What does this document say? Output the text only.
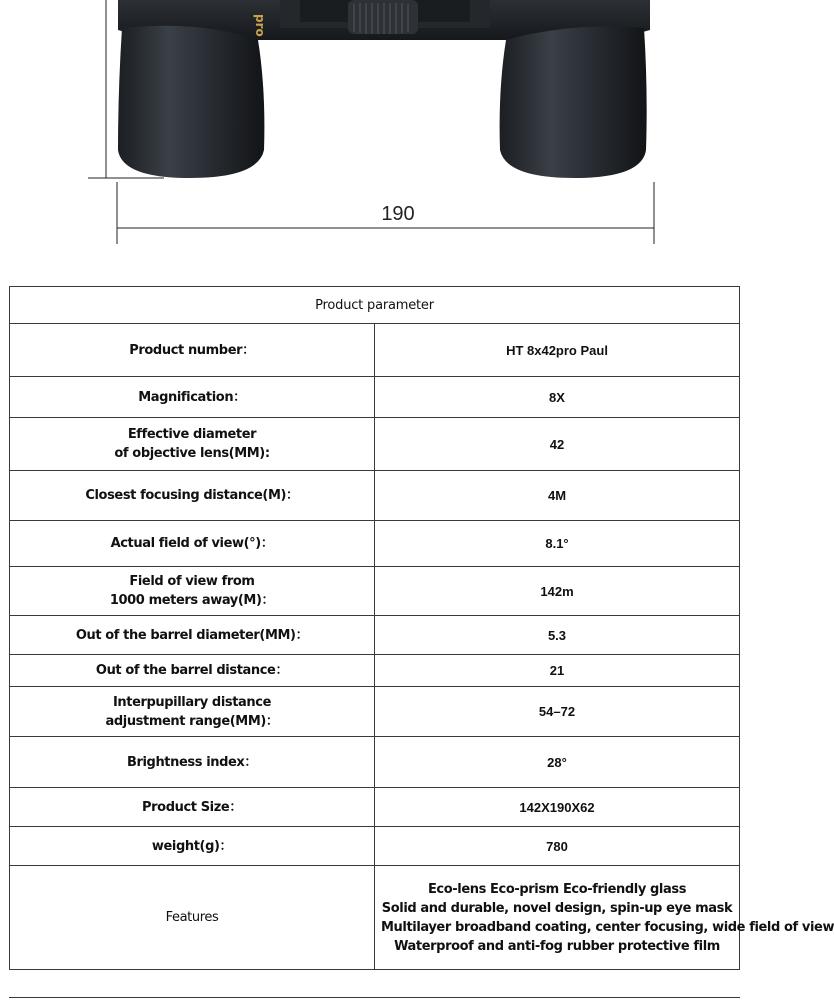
pro
190
Product parameter	
Product number：	HT 8x42pro Paul
Magnification：	8X
Effective diameter
of objective lens(MM):	42
Closest focusing distance(M)：	4M
Actual field of view(°)：	8.1°
Field of view from
1000 meters away(M)：	142m
Out of the barrel diameter(MM)：	5.3
Out of the barrel distance：	21
Interpupillary distance
adjustment range(MM)：	54–72
Brightness index：	28°
Product Size：	142X190X62
weight(g)：	780
Features	Eco-lens Eco-prism Eco-friendly glass
Solid and durable, novel design, spin-up eye mask
Multilayer broadband coating, center focusing, wide field of view
Waterproof and anti-fog rubber protective film
